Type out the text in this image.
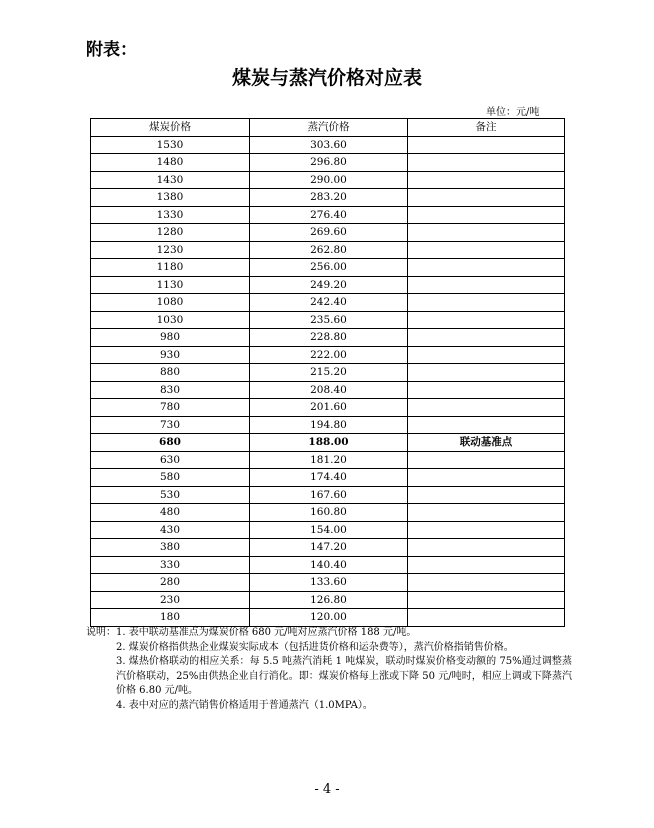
附表：
煤炭与蒸汽价格对应表
单位：元/吨
煤炭价格	蒸汽价格	备注
1530	303.60	
1480	296.80	
1430	290.00	
1380	283.20	
1330	276.40	
1280	269.60	
1230	262.80	
1180	256.00	
1130	249.20	
1080	242.40	
1030	235.60	
980	228.80	
930	222.00	
880	215.20	
830	208.40	
780	201.60	
730	194.80	
680	188.00	联动基准点
630	181.20	
580	174.40	
530	167.60	
480	160.80	
430	154.00	
380	147.20	
330	140.40	
280	133.60	
230	126.80	
180	120.00	
说明： 1. 表中联动基准点为煤炭价格 680 元/吨对应蒸汽价格 188 元/吨。
2. 煤炭价格指供热企业煤炭实际成本（包括进货价格和运杂费等），蒸汽价格指销售价格。
3. 煤热价格联动的相应关系：每 5.5 吨蒸汽消耗 1 吨煤炭，联动时煤炭价格变动额的 75%通过调整蒸汽价格联动，25%由供热企业自行消化。即：煤炭价格每上涨或下降 50 元/吨时，相应上调或下降蒸汽价格 6.80 元/吨。
4. 表中对应的蒸汽销售价格适用于普通蒸汽（1.0MPA）。
- 4 -
